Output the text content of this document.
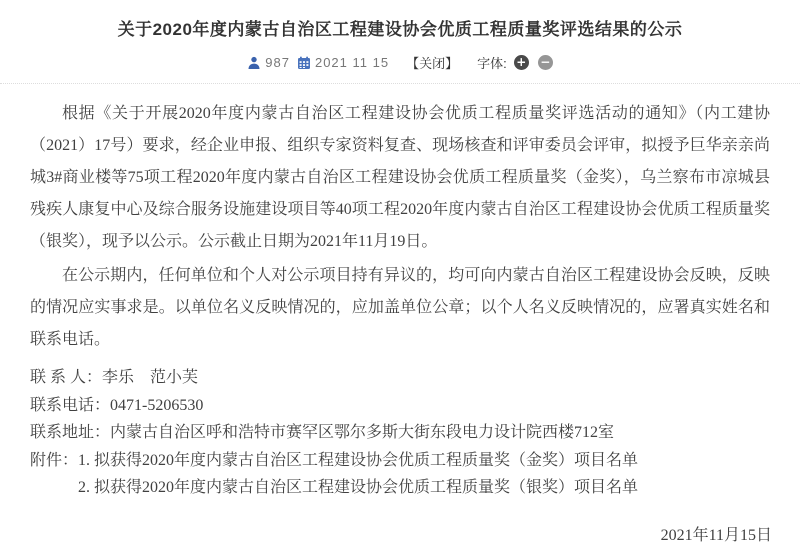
关于2020年度内蒙古自治区工程建设协会优质工程质量奖评选结果的公示
987 2021 11 15 【关闭】 字体: + −

根据《关于开展2020年度内蒙古自治区工程建设协会优质工程质量奖评选活动的通知》（内工建协（2021）17号）要求，经企业申报、组织专家资料复查、现场核查和评审委员会评审，拟授予巨华亲亲尚城3#商业楼等75项工程2020年度内蒙古自治区工程建设协会优质工程质量奖（金奖），乌兰察布市凉城县残疾人康复中心及综合服务设施建设项目等40项工程2020年度内蒙古自治区工程建设协会优质工程质量奖（银奖），现予以公示。公示截止日期为2021年11月19日。

在公示期内，任何单位和个人对公示项目持有异议的，均可向内蒙古自治区工程建设协会反映，反映的情况应实事求是。以单位名义反映情况的，应加盖单位公章；以个人名义反映情况的，应署真实姓名和联系电话。

联 系 人：李乐　范小芙
联系电话：0471-5206530
联系地址：内蒙古自治区呼和浩特市赛罕区鄂尔多斯大街东段电力设计院西楼712室
附件：1. 拟获得2020年度内蒙古自治区工程建设协会优质工程质量奖（金奖）项目名单
2. 拟获得2020年度内蒙古自治区工程建设协会优质工程质量奖（银奖）项目名单
2021年11月15日
